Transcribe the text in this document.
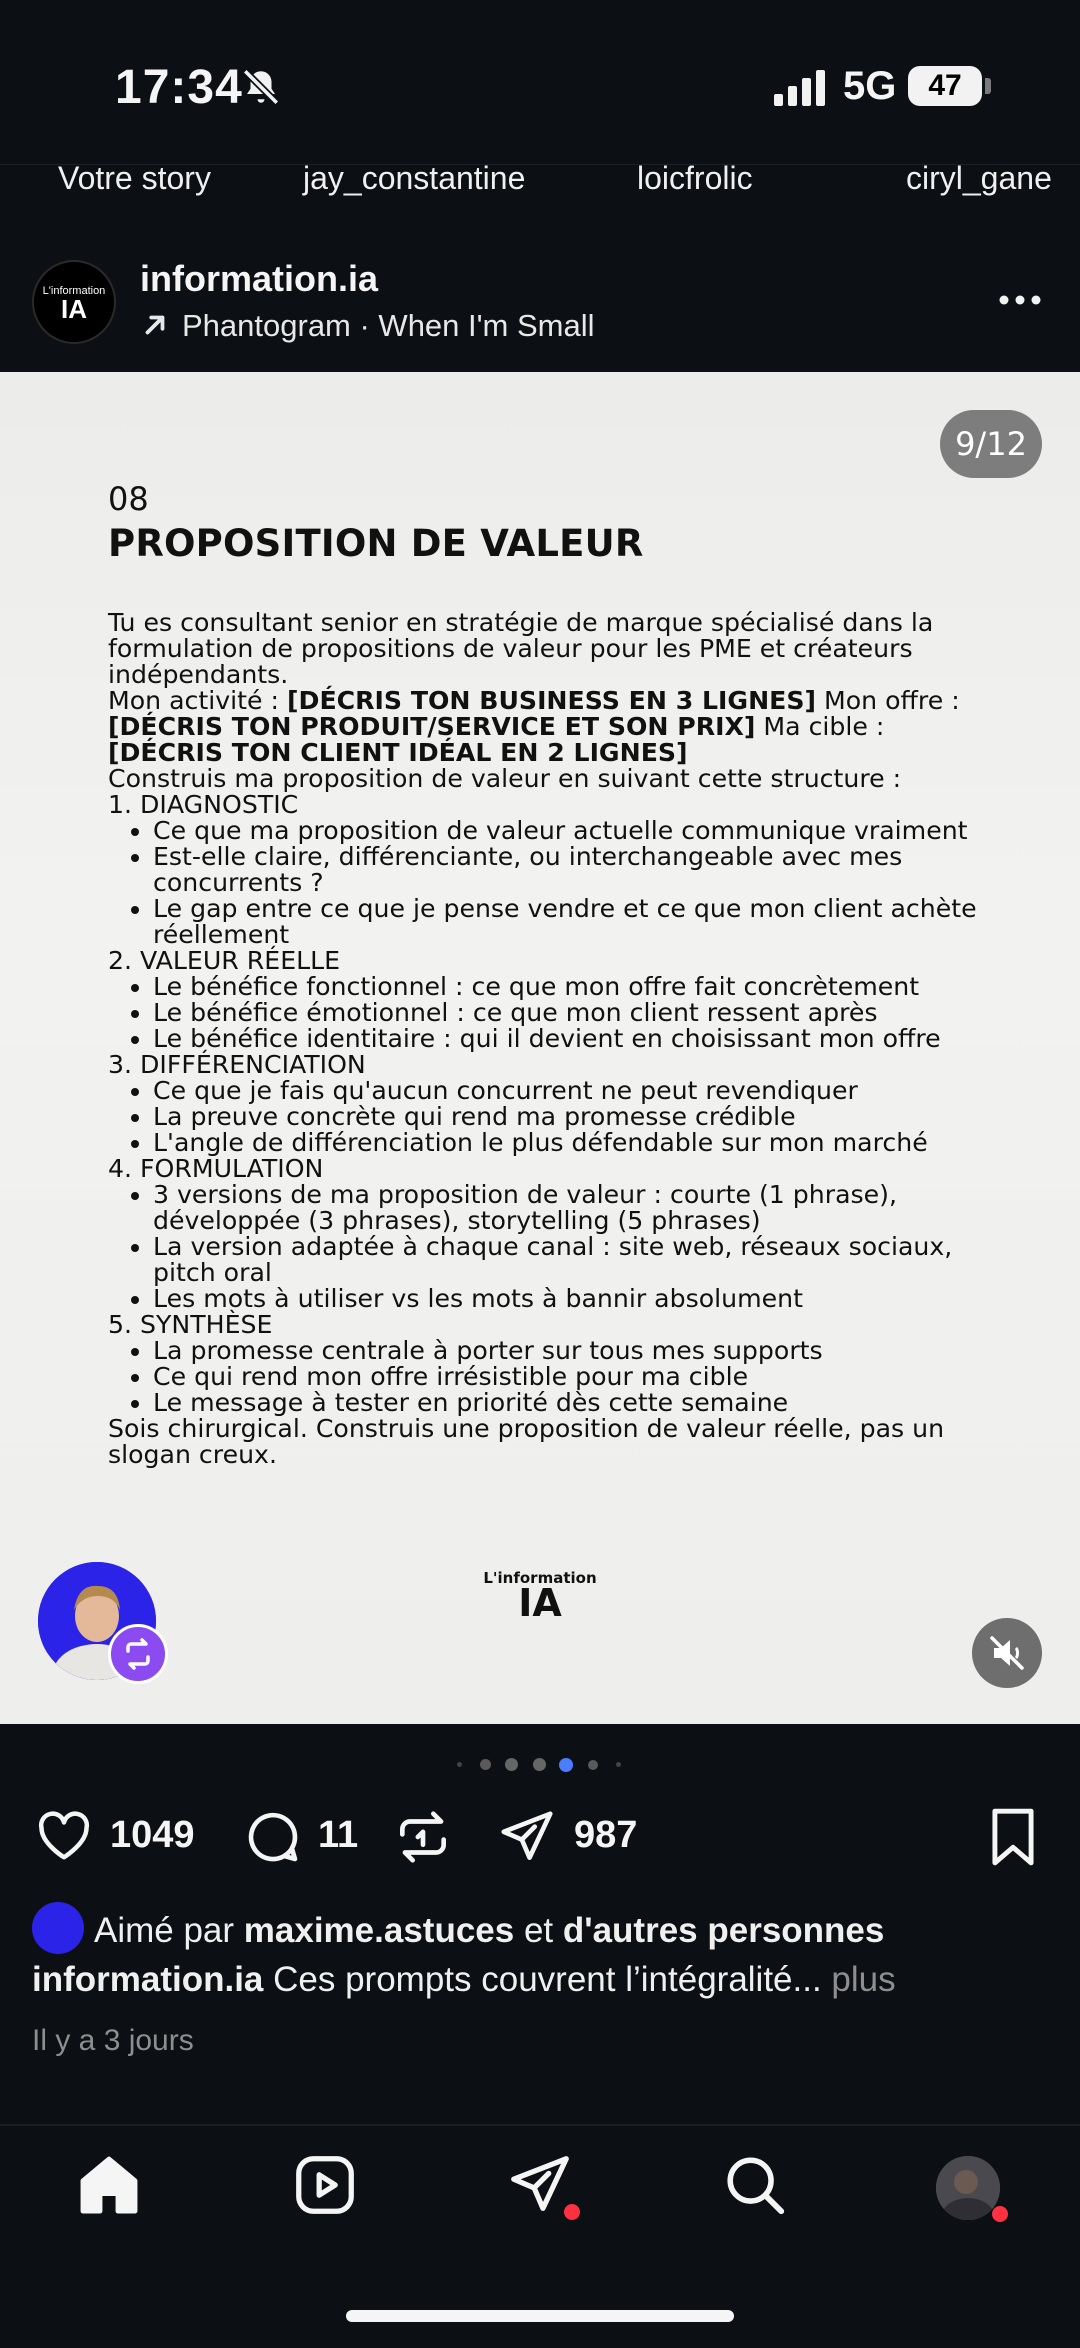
17:34	5G	47
Votre story	jay_constantine	loicfrolic	ciryl_gane
L'information
IA
information.ia
Phantogram · When I'm Small
9/12
08
PROPOSITION DE VALEUR

Tu es consultant senior en stratégie de marque spécialisé dans la formulation de propositions de valeur pour les PME et créateurs indépendants.

Mon activité : [DÉCRIS TON BUSINESS EN 3 LIGNES] Mon offre : [DÉCRIS TON PRODUIT/SERVICE ET SON PRIX] Ma cible : [DÉCRIS TON CLIENT IDÉAL EN 2 LIGNES]

Construis ma proposition de valeur en suivant cette structure :

1. DIAGNOSTIC

• Ce que ma proposition de valeur actuelle communique vraiment
• Est-elle claire, différenciante, ou interchangeable avec mes concurrents ?
• Le gap entre ce que je pense vendre et ce que mon client achète réellement

2. VALEUR RÉELLE

• Le bénéfice fonctionnel : ce que mon offre fait concrètement
• Le bénéfice émotionnel : ce que mon client ressent après
• Le bénéfice identitaire : qui il devient en choisissant mon offre

3. DIFFÉRENCIATION

• Ce que je fais qu'aucun concurrent ne peut revendiquer
• La preuve concrète qui rend ma promesse crédible
• L'angle de différenciation le plus défendable sur mon marché

4. FORMULATION

• 3 versions de ma proposition de valeur : courte (1 phrase), développée (3 phrases), storytelling (5 phrases)
• La version adaptée à chaque canal : site web, réseaux sociaux, pitch oral
• Les mots à utiliser vs les mots à bannir absolument

5. SYNTHÈSE

• La promesse centrale à porter sur tous mes supports
• Ce qui rend mon offre irrésistible pour ma cible
• Le message à tester en priorité dès cette semaine

Sois chirurgical. Construis une proposition de valeur réelle, pas un slogan creux.

L'information
IA
1049	11	987
Aimé par maxime.astuces et d'autres personnes
information.ia Ces prompts couvrent l’intégralité... plus
Il y a 3 jours
